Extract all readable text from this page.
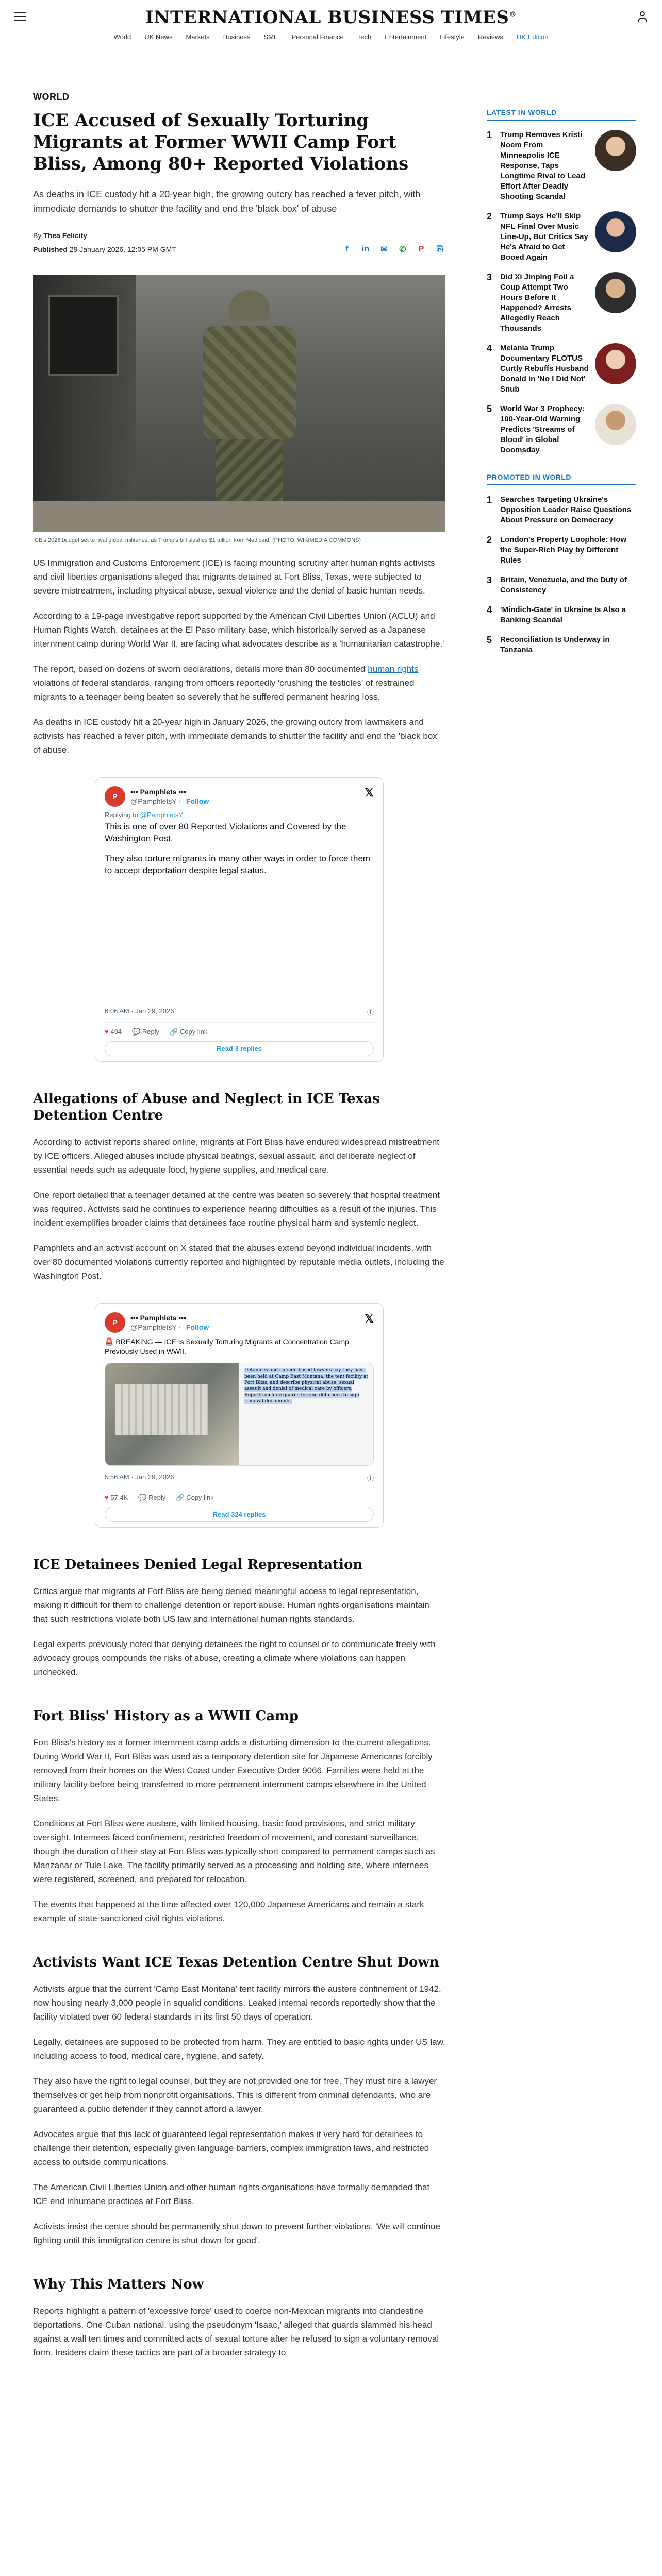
INTERNATIONAL BUSINESS TIMES®
World UK News Markets Business SME Personal Finance Tech Entertainment Lifestyle Reviews UK Edition
WORLD
ICE Accused of Sexually Torturing Migrants at Former WWII Camp Fort Bliss, Among 80+ Reported Violations

As deaths in ICE custody hit a 20-year high, the growing outcry has reached a fever pitch, with immediate demands to shutter the facility and end the 'black box' of abuse

By Thea Felicity
Published 29 January 2026, 12:05 PM GMT	f	in ✉ ✆	P	⎘

ICE's 2026 budget set to rival global militaries, as Trump's bill slashes $1 trillion from Medicaid. (PHOTO: WIKIMEDIA COMMONS)

US Immigration and Customs Enforcement (ICE) is facing mounting scrutiny after human rights activists and civil liberties organisations alleged that migrants detained at Fort Bliss, Texas, were subjected to severe mistreatment, including physical abuse, sexual violence and the denial of basic human needs.

According to a 19-page investigative report supported by the American Civil Liberties Union (ACLU) and Human Rights Watch, detainees at the El Paso military base, which historically served as a Japanese internment camp during World War II, are facing what advocates describe as a 'humanitarian catastrophe.'

The report, based on dozens of sworn declarations, details more than 80 documented human rights violations of federal standards, ranging from officers reportedly 'crushing the testicles' of restrained migrants to a teenager being beaten so severely that he suffered permanent hearing loss.

As deaths in ICE custody hit a 20-year high in January 2026, the growing outcry from lawmakers and activists has reached a fever pitch, with immediate demands to shutter the facility and end the 'black box' of abuse.

P
••• Pamphlets •••
@PamphletsY · Follow
𝕏
Replying to @PamphletsY

This is one of over 80 Reported Violations and Covered by the Washington Post.

They also torture migrants in many other ways in order to force them to accept deportation despite legal status.

6:06 AM · Jan 29, 2026	ⓘ
♥ 494 💬 Reply 🔗 Copy link
Read 3 replies
Allegations of Abuse and Neglect in ICE Texas Detention Centre

According to activist reports shared online, migrants at Fort Bliss have endured widespread mistreatment by ICE officers. Alleged abuses include physical beatings, sexual assault, and deliberate neglect of essential needs such as adequate food, hygiene supplies, and medical care.

One report detailed that a teenager detained at the centre was beaten so severely that hospital treatment was required. Activists said he continues to experience hearing difficulties as a result of the injuries. This incident exemplifies broader claims that detainees face routine physical harm and systemic neglect.

Pamphlets and an activist account on X stated that the abuses extend beyond individual incidents, with over 80 documented violations currently reported and highlighted by reputable media outlets, including the Washington Post.

P
••• Pamphlets •••
@PamphletsY · Follow
𝕏

🚨 BREAKING — ICE Is Sexually Torturing Migrants at Concentration Camp Previously Used in WWII.

Detainees and outside-based lawyers say they have been held at Camp East Montana, the tent facility at Fort Bliss, and describe physical abuse, sexual assault and denial of medical care by officers. Reports include guards forcing detainees to sign removal documents.
5:56 AM · Jan 29, 2026	ⓘ
♥ 57.4K 💬 Reply 🔗 Copy link
Read 324 replies
ICE Detainees Denied Legal Representation

Critics argue that migrants at Fort Bliss are being denied meaningful access to legal representation, making it difficult for them to challenge detention or report abuse. Human rights organisations maintain that such restrictions violate both US law and international human rights standards.

Legal experts previously noted that denying detainees the right to counsel or to communicate freely with advocacy groups compounds the risks of abuse, creating a climate where violations can happen unchecked.

Fort Bliss' History as a WWII Camp

Fort Bliss's history as a former internment camp adds a disturbing dimension to the current allegations. During World War II, Fort Bliss was used as a temporary detention site for Japanese Americans forcibly removed from their homes on the West Coast under Executive Order 9066. Families were held at the military facility before being transferred to more permanent internment camps elsewhere in the United States.

Conditions at Fort Bliss were austere, with limited housing, basic food provisions, and strict military oversight. Internees faced confinement, restricted freedom of movement, and constant surveillance, though the duration of their stay at Fort Bliss was typically short compared to permanent camps such as Manzanar or Tule Lake. The facility primarily served as a processing and holding site, where internees were registered, screened, and prepared for relocation.

The events that happened at the time affected over 120,000 Japanese Americans and remain a stark example of state-sanctioned civil rights violations.

Activists Want ICE Texas Detention Centre Shut Down

Activists argue that the current 'Camp East Montana' tent facility mirrors the austere confinement of 1942, now housing nearly 3,000 people in squalid conditions. Leaked internal records reportedly show that the facility violated over 60 federal standards in its first 50 days of operation.

Legally, detainees are supposed to be protected from harm. They are entitled to basic rights under US law, including access to food, medical care, hygiene, and safety.

They also have the right to legal counsel, but they are not provided one for free. They must hire a lawyer themselves or get help from nonprofit organisations. This is different from criminal defendants, who are guaranteed a public defender if they cannot afford a lawyer.

Advocates argue that this lack of guaranteed legal representation makes it very hard for detainees to challenge their detention, especially given language barriers, complex immigration laws, and restricted access to outside communications.

The American Civil Liberties Union and other human rights organisations have formally demanded that ICE end inhumane practices at Fort Bliss.

Activists insist the centre should be permanently shut down to prevent further violations. 'We will continue fighting until this immigration centre is shut down for good'.

Why This Matters Now

Reports highlight a pattern of 'excessive force' used to coerce non-Mexican migrants into clandestine deportations. One Cuban national, using the pseudonym 'Isaac,' alleged that guards slammed his head against a wall ten times and committed acts of sexual torture after he refused to sign a voluntary removal form. Insiders claim these tactics are part of a broader strategy to

LATEST IN WORLD
1 Trump Removes Kristi Noem From Minneapolis ICE Response, Taps Longtime Rival to Lead Effort After Deadly Shooting Scandal
2 Trump Says He'll Skip NFL Final Over Music Line-Up, But Critics Say He's Afraid to Get Booed Again
3 Did Xi Jinping Foil a Coup Attempt Two Hours Before It Happened? Arrests Allegedly Reach Thousands
4 Melania Trump Documentary FLOTUS Curtly Rebuffs Husband Donald in 'No I Did Not' Snub
5 World War 3 Prophecy: 100-Year-Old Warning Predicts 'Streams of Blood' in Global Doomsday
PROMOTED IN WORLD
1 Searches Targeting Ukraine's Opposition Leader Raise Questions About Pressure on Democracy
2 London's Property Loophole: How the Super-Rich Play by Different Rules
3 Britain, Venezuela, and the Duty of Consistency
4 'Mindich-Gate' in Ukraine Is Also a Banking Scandal
5 Reconciliation Is Underway in Tanzania
